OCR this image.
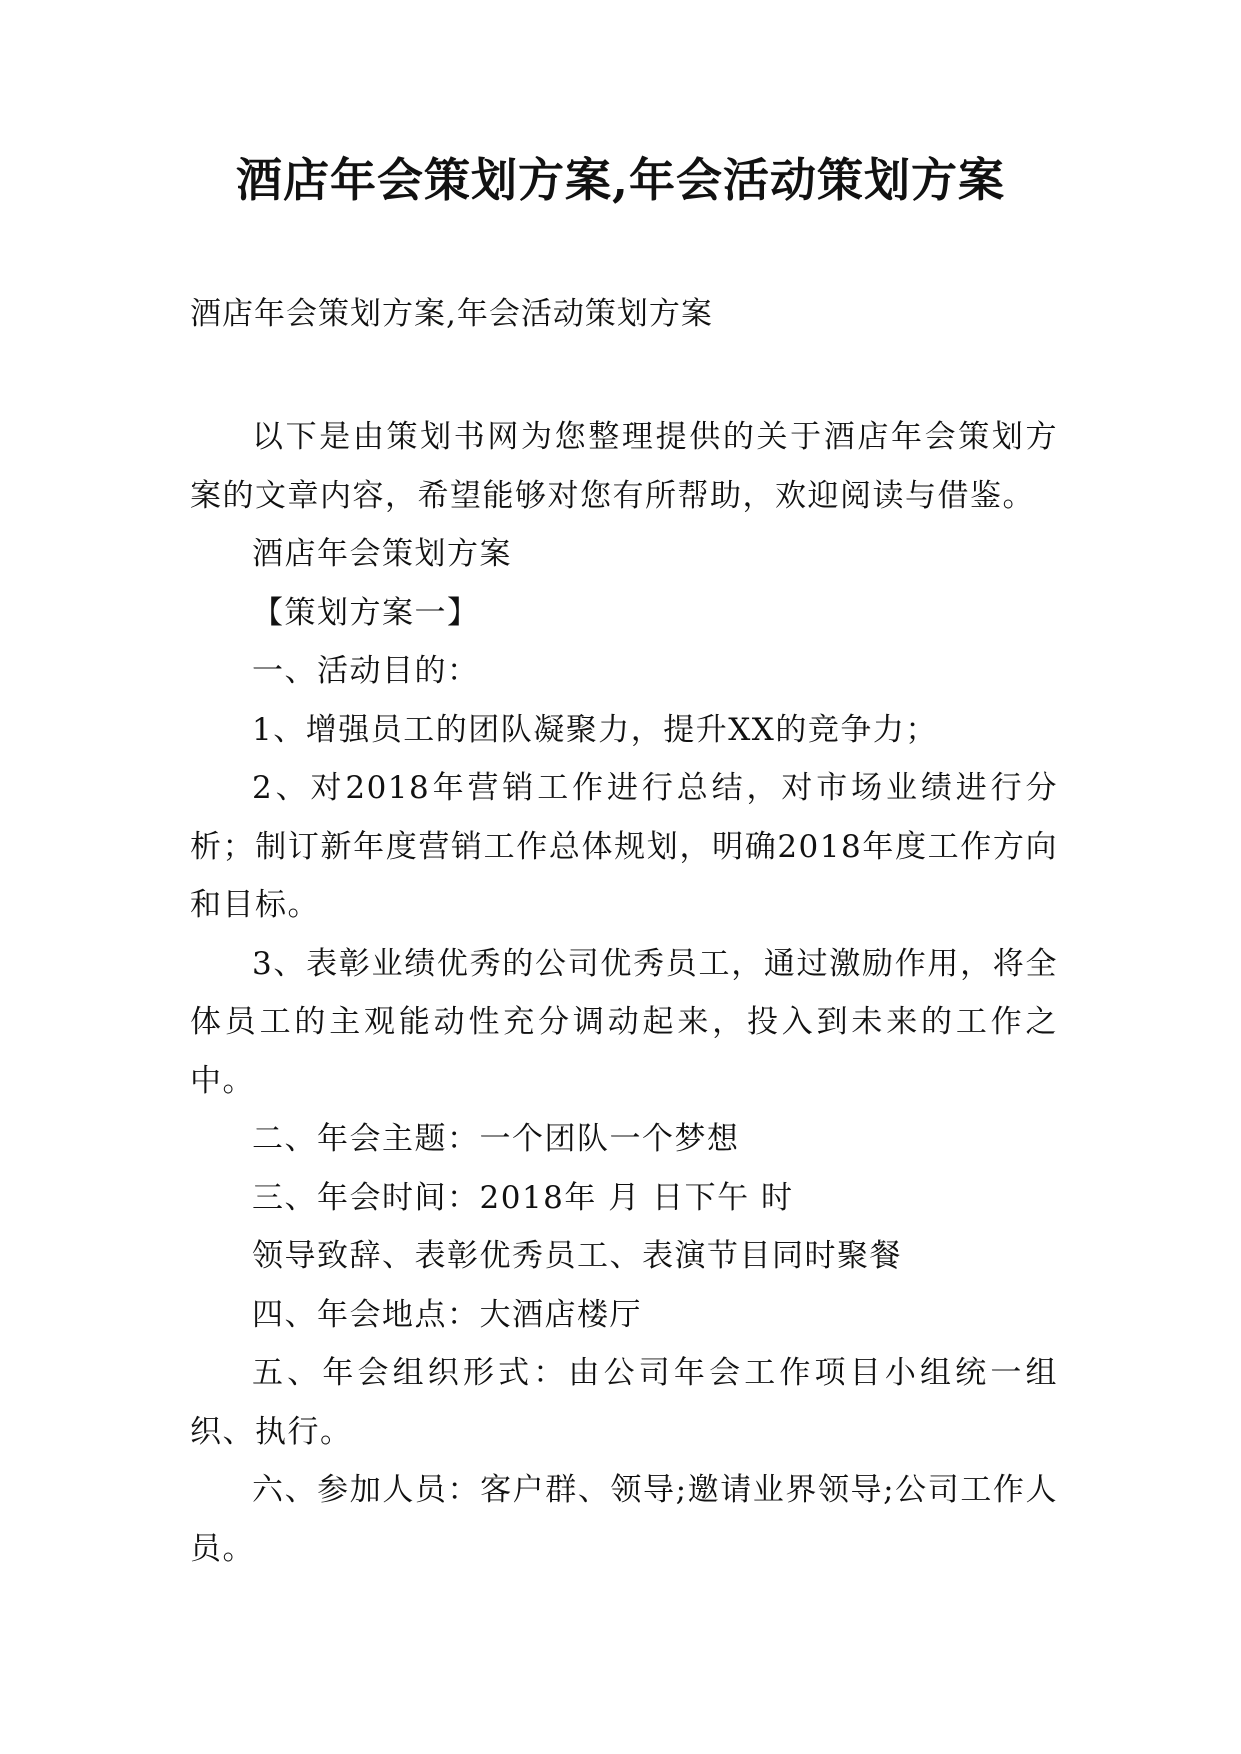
酒店年会策划方案,年会活动策划方案

酒店年会策划方案,年会活动策划方案

以下是由策划书网为您整理提供的关于酒店年会策划方案的文章内容，希望能够对您有所帮助，欢迎阅读与借鉴。

酒店年会策划方案

【策划方案一】

一、活动目的：

1、增强员工的团队凝聚力，提升XX的竞争力；

2、对2018年营销工作进行总结，对市场业绩进行分析；制订新年度营销工作总体规划，明确2018年度工作方向和目标。

3、表彰业绩优秀的公司优秀员工，通过激励作用，将全体员工的主观能动性充分调动起来，投入到未来的工作之中。

二、年会主题：一个团队一个梦想

三、年会时间：2018年 月 日下午 时

领导致辞、表彰优秀员工、表演节目同时聚餐

四、年会地点：大酒店楼厅

五、年会组织形式：由公司年会工作项目小组统一组织、执行。

六、参加人员：客户群、领导;邀请业界领导;公司工作人员。
